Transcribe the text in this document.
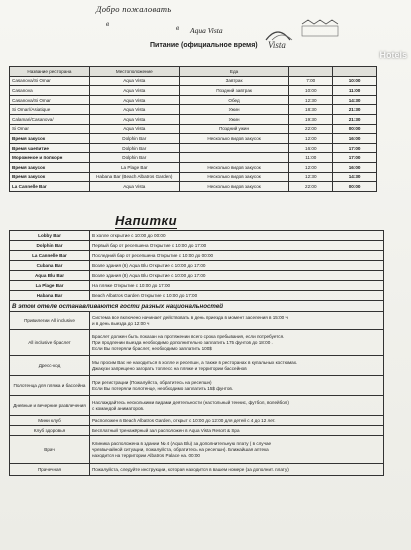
Добро пожаловать
в	в Aqua Vista
Питание (официальное время) Vista
Hotels
Название ресторана	Местоположение	Еда		
Casanova/Si Omar	Aqua Vista	Завтрак	7:00	10:00
Casanova	Aqua Vista	Поздний завтрак	10:00	11:00
Casanova/Si Omar	Aqua Vista	Обед	12:30	14:30
Si Omar//Asiatique	Aqua Vista	Ужин	18:30	21:30
Calamari/Casanova/	Aqua Vista	Ужин	19:30	21:30
Si Omar	Aqua Vista	Поздний ужин	22:00	00:00
Время закусок	Dolphin Bar	Несколько видов закусок	12:00	16:00
Время чаепитие	Dolphin Bar		16:00	17:00
Мороженое и попкорн	Dolphin Bar		11:00	17:00
Время закусок	La Plage Bar	Несколько видов закусок	12:00	16:00
Время закусок	Habana Bar (Beach Albatros Garden)	Несколько видов закусок	12:30	14:30
La Cannelle Bar	Aqua Vista	Несколько видов закусок	22:00	00:00
Напитки
Lobby Bar	В холле открытие с 10:00 до 00:00
Dolphin Bar	Первый бар от ресепшена Открытие с 10:00 до 17:00
La Cannelle Bar	Последний бар от ресепшена Открытие с 10:00 до 00:00
Cubana Bar	Возле здания (6) Aqua Blu Открытие с 10:00 до 17:00
Aqua Blu Bar	Возле здания (8) Aqua Blu Открытие с 10:00 до 17:00
La Plage Bar	На пляже Открытие с 10:00 до 17:00
Habana Bar	Beach Albatros Garden Открытие с 10:00 до 17:00
В этом отеле останавливаются гости разных национальностей	
Привилегии All inclusive	Система все включено начинает действовать в день приезда в момент заселения в 15:00 ч
и в день выезда до 12:00 ч

All inclusive браслет	Браслет должен быть показан на протяжении всего срока пребывания, если потребуется.
При продлении выезда необходимо дополнительно заплатить 175 фунтов до 18:00 .
Если Вы потеряли браслет, необходимо заплатить 100$

Дресс-код	Мы просим Вас не находиться в холле и ресепшн, а также в ресторанах в купальных костюмах.
Джакузи запрещено загорать топлесс на пляже и территории бассейнов

Полотенца для пляжа и бассейна	При регистрации (Пожалуйста, обратитесь на ресепшн)
Если Вы потеряли полотенце, необходимо заплатить 15$ фунтов.

Дневные и вечерние развлечения	Наслаждайтесь несколькими видами деятельности (настольный теннис, футбол, волейбол)
с командой аниматоров.

Мини клуб	Расположен в Beach Albatros Garden, открыт с 10:00 до 12:00 для детей с 4 до 12 лет.

Клуб здоровья	Бесплатный тренажёрный зал расположен в Aqua Vista Resort & Spa

Врач	Клиника расположена в здании № 4 (Aqua Blu) за дополнительную плату ( в случае
чрезвычайной ситуации, пожалуйста, обратитесь на ресепшн). Ближайшая аптека
находится на территории Albatros Palace на. 00:00

Прачечная	Пожалуйста, следуйте инструкции, которая находится в вашем номере (за дополнит. плату)
